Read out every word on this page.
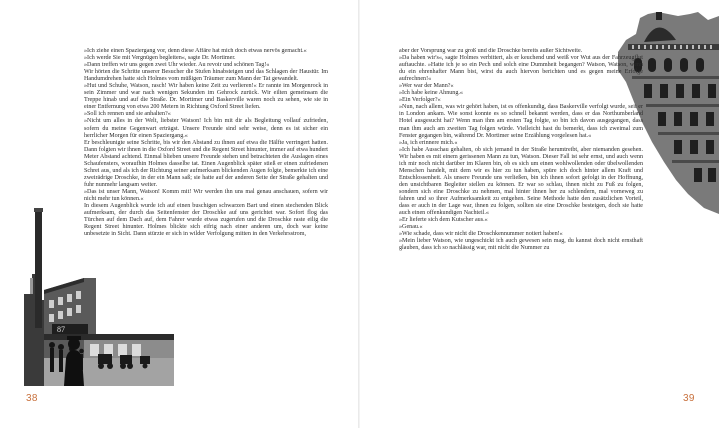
87

»Ich ziehe einen Spaziergang vor, denn diese Affäre hat mich doch etwas nervös gemacht.«

»Ich werde Sie mit Vergnügen begleiten«, sagte Dr. Mortimer.

»Dann treffen wir uns gegen zwei Uhr wieder. Au revoir und schönen Tag!«

Wir hörten die Schritte unserer Besucher die Stufen hinabsteigen und das Schlagen der Haustür. Im Handumdrehen hatte sich Holmes vom müßigen Träumer zum Mann der Tat gewandelt.

»Hut und Schuhe, Watson, rasch! Wir haben keine Zeit zu verlieren!« Er rannte im Morgenrock in sein Zimmer und war nach wenigen Sekunden im Gehrock zurück. Wir eilten gemeinsam die Treppe hinab und auf die Straße. Dr. Mortimer und Baskerville waren noch zu sehen, wie sie in einer Entfernung von etwa 200 Metern in Richtung Oxford Street liefen.

»Soll ich rennen und sie anhalten?«

»Nicht um alles in der Welt, liebster Watson! Ich bin mit dir als Begleitung vollauf zufrieden, sofern du meine Gegenwart erträgst. Unsere Freunde sind sehr weise, denn es ist sicher ein herrlicher Morgen für einen Spaziergang.«

Er beschleunigte seine Schritte, bis wir den Abstand zu ihnen auf etwa die Hälfte verringert hatten. Dann folgten wir ihnen in die Oxford Street und die Regent Street hinunter, immer auf etwa hundert Meter Abstand achtend. Einmal blieben unsere Freunde stehen und betrachteten die Auslagen eines Schaufensters, woraufhin Holmes dasselbe tat. Einen Augenblick später stieß er einen zufriedenen Schrei aus, und als ich der Richtung seiner aufmerksam blickenden Augen folgte, bemerkte ich eine zweirädrige Droschke, in der ein Mann saß; sie hatte auf der anderen Seite der Straße gehalten und fuhr nunmehr langsam weiter.

»Das ist unser Mann, Watson! Komm mit! Wir werden ihn uns mal genau anschauen, sofern wir nicht mehr tun können.«

In diesem Augenblick wurde ich auf einen buschigen schwarzen Bart und einen stechenden Blick aufmerksam, der durch das Seitenfenster der Droschke auf uns gerichtet war. Sofort flog das Türchen auf dem Dach auf, dem Fahrer wurde etwas zugerufen und die Droschke raste eilig die Regent Street hinunter. Holmes blickte sich eifrig nach einer anderen um, doch war keine unbesetzte in Sicht. Dann stürzte er sich in wilder Verfolgung mitten in den Verkehrsstrom,

aber der Vorsprung war zu groß und die Droschke bereits außer Sichtweite.

»Da haben wir's«, sagte Holmes verbittert, als er keuchend und weiß vor Wut aus der Fahrzeugflut auftauchte. »Hatte ich je so ein Pech und solch eine Dummheit begangen? Watson, Watson, wenn du ein ehrenhafter Mann bist, wirst du auch hiervon berichten und es gegen meine Erfolge aufrechnen!«

»Wer war der Mann?«

»Ich habe keine Ahnung.«

»Ein Verfolger?«

»Nun, nach allem, was wir gehört haben, ist es offenkundig, dass Baskerville verfolgt wurde, seit er in London ankam. Wie sonst konnte es so schnell bekannt werden, dass er das Northumberland Hotel ausgesucht hat? Wenn man ihm am ersten Tag folgte, so bin ich davon ausgegangen, dass man ihm auch am zweiten Tag folgen würde. Vielleicht hast du bemerkt, dass ich zweimal zum Fenster gegangen bin, während Dr. Mortimer seine Erzählung vorgelesen hat.«

»Ja, ich erinnere mich.«

»Ich habe Ausschau gehalten, ob sich jemand in der Straße herumtreibt, aber niemanden gesehen. Wir haben es mit einem gerissenen Mann zu tun, Watson. Dieser Fall ist sehr ernst, und auch wenn ich mir noch nicht darüber im Klaren bin, ob es sich um einen wohlwollenden oder übelwollenden Menschen handelt, mit dem wir es hier zu tun haben, spüre ich doch hinter allem Kraft und Entschlossenheit. Als unsere Freunde uns verließen, bin ich ihnen sofort gefolgt in der Hoffnung, den unsichtbaren Begleiter stellen zu können. Er war so schlau, ihnen nicht zu Fuß zu folgen, sondern sich eine Droschke zu nehmen, mal hinter ihnen her zu schlendern, mal vorneweg zu fahren und so ihrer Aufmerksamkeit zu entgehen. Seine Methode hatte den zusätzlichen Vorteil, dass er auch in der Lage war, ihnen zu folgen, sollten sie eine Droschke besteigen, doch sie hatte auch einen offenkundigen Nachteil.«

»Er lieferte sich dem Kutscher aus.«

»Genau.«

»Wie schade, dass wir nicht die Droschkennummer notiert haben!«

»Mein lieber Watson, wie ungeschickt ich auch gewesen sein mag, du kannst doch nicht ernsthaft glauben, dass ich so nachlässig war, mit nicht die Nummer zu

38	39
